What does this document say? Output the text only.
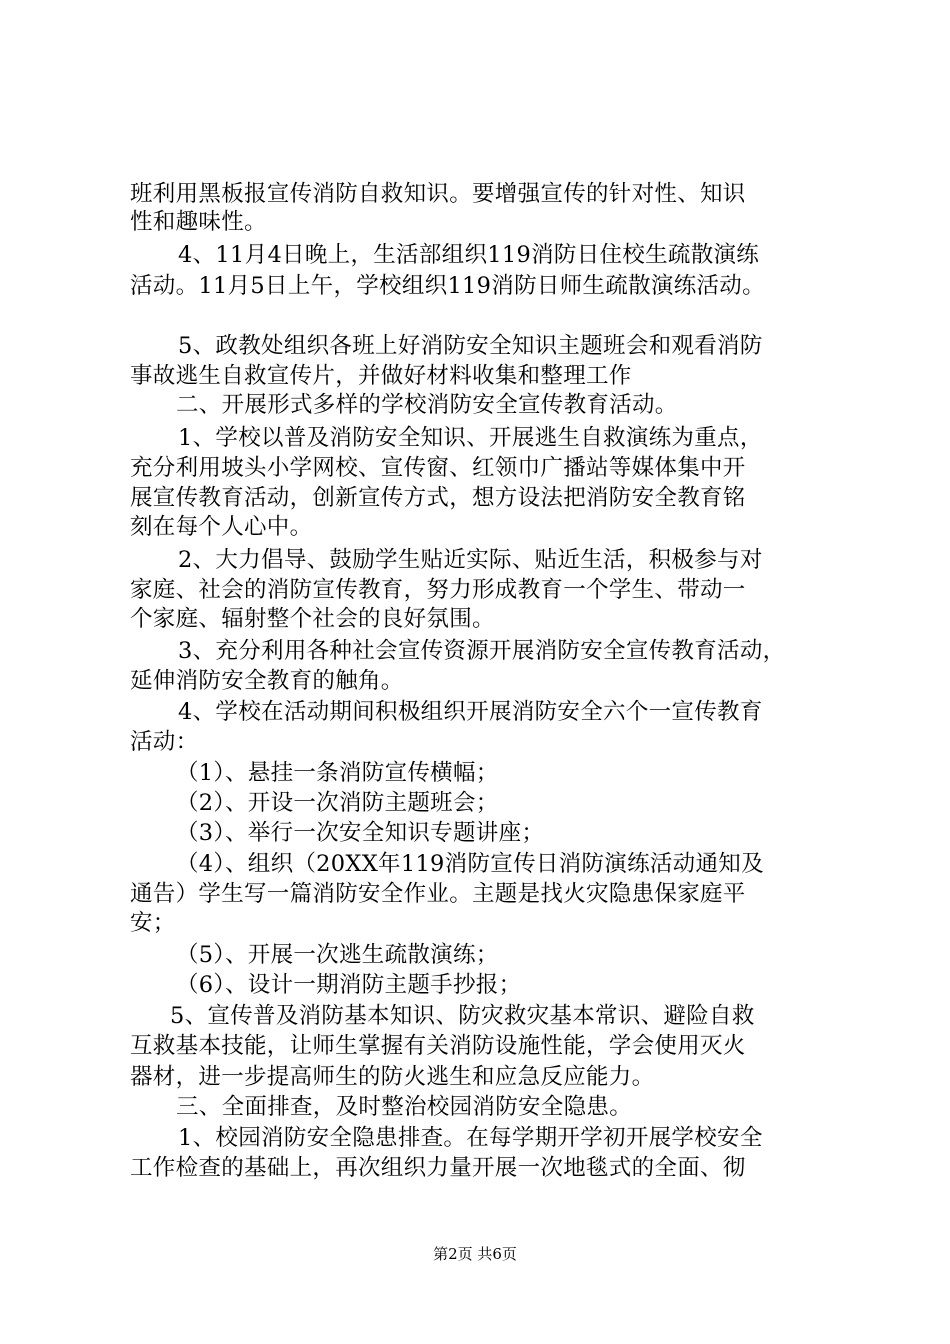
班利用黑板报宣传消防自救知识。要增强宣传的针对性、知识
性和趣味性。
4、11月4日晚上，生活部组织119消防日住校生疏散演练
活动。11月5日上午，学校组织119消防日师生疏散演练活动。
5、政教处组织各班上好消防安全知识主题班会和观看消防
事故逃生自救宣传片，并做好材料收集和整理工作
二、开展形式多样的学校消防安全宣传教育活动。
1、学校以普及消防安全知识、开展逃生自救演练为重点，
充分利用坡头小学网校、宣传窗、红领巾广播站等媒体集中开
展宣传教育活动，创新宣传方式，想方设法把消防安全教育铭
刻在每个人心中。
2、大力倡导、鼓励学生贴近实际、贴近生活，积极参与对
家庭、社会的消防宣传教育，努力形成教育一个学生、带动一
个家庭、辐射整个社会的良好氛围。
3、充分利用各种社会宣传资源开展消防安全宣传教育活动，
延伸消防安全教育的触角。
4、学校在活动期间积极组织开展消防安全六个一宣传教育
活动：
（1）、悬挂一条消防宣传横幅；
（2）、开设一次消防主题班会；
（3）、举行一次安全知识专题讲座；
（4）、组织（20XX年119消防宣传日消防演练活动通知及
通告）学生写一篇消防安全作业。主题是找火灾隐患保家庭平
安；
（5）、开展一次逃生疏散演练；
（6）、设计一期消防主题手抄报；
5、宣传普及消防基本知识、防灾救灾基本常识、避险自救
互救基本技能，让师生掌握有关消防设施性能，学会使用灭火
器材，进一步提高师生的防火逃生和应急反应能力。
三、全面排查，及时整治校园消防安全隐患。
1、校园消防安全隐患排查。在每学期开学初开展学校安全
工作检查的基础上，再次组织力量开展一次地毯式的全面、彻
第2页 共6页
